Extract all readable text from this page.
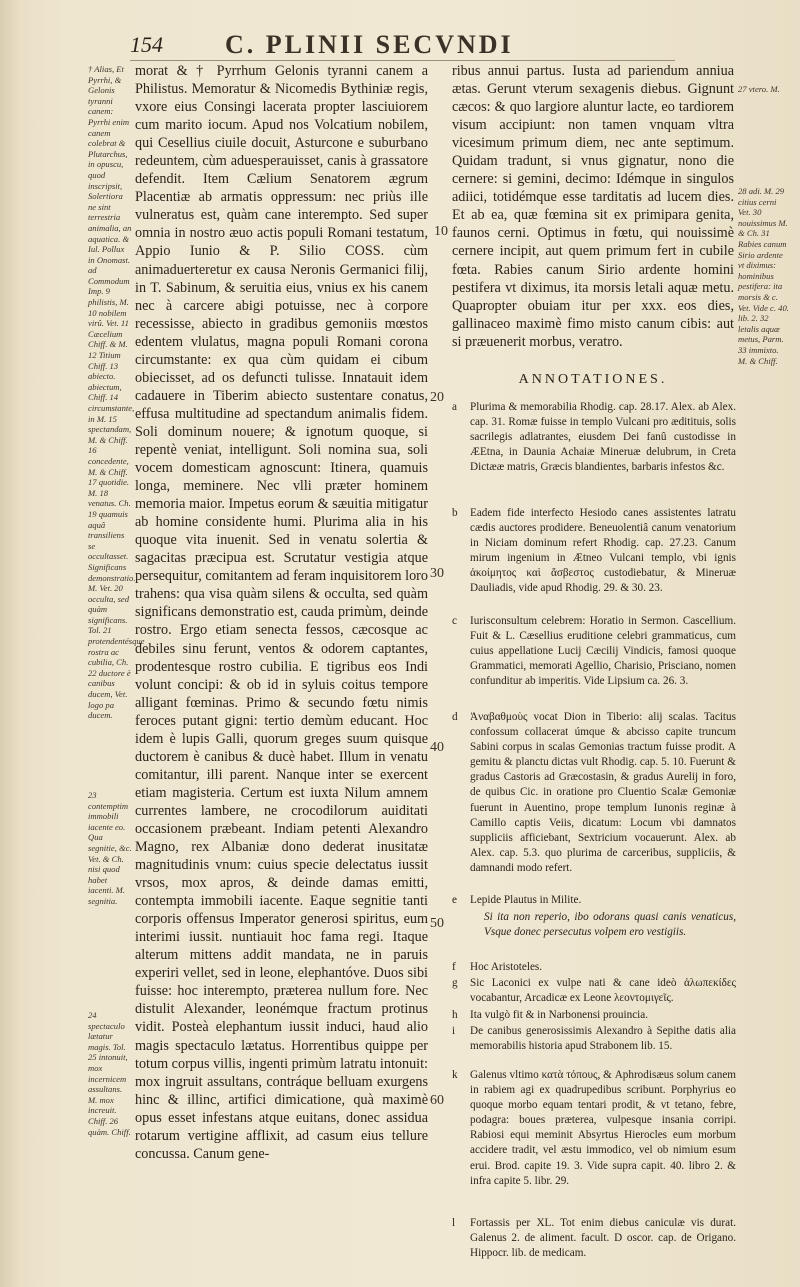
154 C. PLINII SECVNDI
† Alias, Et Pyrrhi, & Gelonis tyranni canem: Pyrrhi enim canem colebrat & Plutarchus, in opuscu, quod inscripsit, Solertiora ne sint terrestria animalia, an aquatica. & Iul. Pollux in Onomast. ad Commodum Imp. 9 philistis, M. 10 nobilem virû. Vet. 11 Cæcelium Chiff. & M. 12 Titium Chiff. 13 abiecto. abiectum, Chiff. 14 circumstante, in M. 15 spectandam, M. & Chiff. 16 concedente, M. & Chiff. 17 quotidie. M. 18 venatus. Ch. 19 quamuis aquâ transiliens se occultasset. Significans demonstratio. M. Vet. 20 occulta, sed quàm significans. Tol. 21 protendentésque rostra ac cubilia, Ch. 22 ductore è canibus ducem, Vet. logo pa ducem.
23 contemptim immobili iacente eo. Qua segnitie, &c. Vet. & Ch. nisi quod habet iacenti. M. segnitia.
24 spectaculo lætatur magis. Tol. 25 intonuit, mox incernicem assultans. M. mox increuit. Chiff. 26 quàm. Chiff.

morat & † Pyrrhum Gelonis tyranni canem a Philistus. Memoratur & Nicomedis Bythiniæ regis, vxore eius Consingi lacerata propter lasciuiorem cum marito iocum. Apud nos Volcatium nobilem, qui Cesellius ciuile docuit, Asturcone e suburbano redeuntem, cùm aduesperauisset, canis à grassatore defendit. Item Cælium Senatorem ægrum Placentiæ ab armatis oppressum: nec priùs ille vulneratus est, quàm cane interempto. Sed super omnia in nostro æuo actis populi Romani testatum, Appio Iunio & P. Silio COSS. cùm animaduerteretur ex causa Neronis Germanici filij, in T. Sabinum, & seruitia eius, vnius ex his canem nec à carcere abigi potuisse, nec à corpore recessisse, abiecto in gradibus gemoniis mœstos edentem vlulatus, magna populi Romani corona circumstante: ex qua cùm quidam ei cibum obiecisset, ad os defuncti tulisse. Innatauit idem cadauere in Tiberim abiecto sustentare conatus, effusa multitudine ad spectandum animalis fidem. Soli dominum nouere; & ignotum quoque, si repentè veniat, intelligunt. Soli nomina sua, soli vocem domesticam agnoscunt: Itinera, quamuis longa, meminere. Nec vlli præter hominem memoria maior. Impetus eorum & sæuitia mitigatur ab homine considente humi. Plurima alia in his quoque vita inuenit. Sed in venatu solertia & sagacitas præcipua est. Scrutatur vestigia atque persequitur, comitantem ad feram inquisitorem loro trahens: qua visa quàm silens & occulta, sed quàm significans demonstratio est, cauda primùm, deinde rostro. Ergo etiam senecta fessos, cæcosque ac debiles sinu ferunt, ventos & odorem captantes, prodentesque rostro cubilia. E tigribus eos Indi volunt concipi: & ob id in syluis coitus tempore alligant fœminas. Primo & secundo fœtu nimis feroces putant gigni: tertio demùm educant. Hoc idem è lupis Galli, quorum greges suum quisque ductorem è canibus & ducè habet. Illum in venatu comitantur, illi parent. Nanque inter se exercent etiam magisteria. Certum est iuxta Nilum amnem currentes lambere, ne crocodilorum auiditati occasionem præbeant. Indiam petenti Alexandro Magno, rex Albaniæ dono dederat inusitatæ magnitudinis vnum: cuius specie delectatus iussit vrsos, mox apros, & deinde damas emitti, contempta immobili iacente. Eaque segnitie tanti corporis offensus Imperator generosi spiritus, eum interimi iussit. nuntiauit hoc fama regi. Itaque alterum mittens addit mandata, ne in paruis experiri vellet, sed in leone, elephantóve. Duos sibi fuisse: hoc interempto, præterea nullum fore. Nec distulit Alexander, leonémque fractum protinus vidit. Posteà elephantum iussit induci, haud alio magis spectaculo lætatus. Horrentibus quippe per totum corpus villis, ingenti primùm latratu intonuit: mox ingruit assultans, contráque belluam exurgens hinc & illinc, artifici dimicatione, quà maximè opus esset infestans atque euitans, donec assidua rotarum vertigine afflixit, ad casum eius tellure concussa. Canum gene-

10
20
30
40
50
60

ribus annui partus. Iusta ad pariendum anniua ætas. Gerunt vterum sexagenis diebus. Gignunt cæcos: & quo largiore aluntur lacte, eo tardiorem visum accipiunt: non tamen vnquam vltra vicesimum primum diem, nec ante septimum. Quidam tradunt, si vnus gignatur, nono die cernere: si gemini, decimo: Idémque in singulos adiici, totidémque esse tarditatis ad lucem dies. Et ab ea, quæ fœmina sit ex primipara genita, faunos cerni. Optimus in fœtu, qui nouissimè cernere incipit, aut quem primum fert in cubile fœta. Rabies canum Sirio ardente homini pestifera vt diximus, ita morsis letali aquæ metu. Quapropter obuiam itur per xxx. eos dies, gallinaceo maximè fimo misto canum cibis: aut si præuenerit morbus, veratro.

27 vtero. M.
28 adi. M. 29 citius cerni Vet. 30 nouissimus M. & Ch. 31 Rabies canum Sirio ardente vt diximus: hominibus pestifera: ita morsis & c. Vet. Vide c. 40. lib. 2. 32 letalis aquæ metus, Parm. 33 immixto. M. & Chiff.
ANNOTATIONES.
a	Plurima & memorabilia Rhodig. cap. 28.17. Alex. ab Alex. cap. 31. Romæ fuisse in templo Vulcani pro æditituis, solis sacrilegis adlatrantes, eiusdem Dei fanû custodisse in ÆEtna, in Daunia Achaiæ Mineruæ delubrum, in Creta Dictææ matris, Græcis blandientes, barbaris infestos &c.
b	Eadem fide interfecto Hesiodo canes assistentes latratu cædis auctores prodidere. Beneuolentiâ canum venatorium in Niciam dominum refert Rhodig. cap. 27.23. Canum mirum ingenium in Ætneo Vulcani templo, vbi ignis ἀκοίμητος καὶ ἄσβεστος custodiebatur, & Mineruæ Dauliadis, vide apud Rhodig. 29. & 30. 23.
c	Iurisconsultum celebrem: Horatio in Sermon. Cascellium. Fuit & L. Cæsellius eruditione celebri grammaticus, cum cuius appellatione Lucij Cæcilij Vindicis, famosi quoque Grammatici, memorati Agellio, Charisio, Prisciano, nomen confunditur ab imperitis. Vide Lipsium ca. 26. 3.
d	Ἀναβαθμοὺς vocat Dion in Tiberio: alij scalas. Tacitus confossum collacerat úmque & abcisso capite truncum Sabini corpus in scalas Gemonias tractum fuisse prodit. A gemitu & planctu dictas vult Rhodig. cap. 5. 10. Fuerunt & gradus Castoris ad Græcostasin, & gradus Aurelij in foro, de quibus Cic. in oratione pro Cluentio Scalæ Gemoniæ fuerunt in Auentino, prope templum Iunonis reginæ à Camillo captis Veiis, dicatum: Locum vbi damnatos suppliciis afficiebant, Sextricium vocauerunt. Alex. ab Alex. cap. 5.3. quo plurima de carceribus, suppliciis, & damnandi modo refert.
e	Lepide Plautus in Milite.
Si ita non reperio, ibo odorans quasi canis venaticus, Vsque donec persecutus volpem ero vestigiis.
f	Hoc Aristoteles.
g	Sic Laconici ex vulpe nati & cane ideò ἀλωπεκίδες vocabantur, Arcadicæ ex Leone λεοντομιγεῖς.
h	Ita vulgò fit & in Narbonensi prouincia.
i	De canibus generosissimis Alexandro à Sepithe datis alia memorabilis historia apud Strabonem lib. 15.
k	Galenus vltimo κατὰ τόπους, & Aphrodisæus solum canem in rabiem agi ex quadrupedibus scribunt. Porphyrius eo quoque morbo equam tentari prodit, & vt tetano, febre, podagra: boues præterea, vulpesque insania corripi. Rabiosi equi meminit Absyrtus Hierocles eum morbum accidere tradit, vel æstu immodico, vel ob nimium esum erui. Brod. capite 19. 3. Vide supra capit. 40. libro 2. & infra capite 5. libr. 29.
l	Fortassis per XL. Tot enim diebus caniculæ vis durat. Galenus 2. de aliment. facult. D oscor. cap. de Origano. Hippocr. lib. de medicam.
